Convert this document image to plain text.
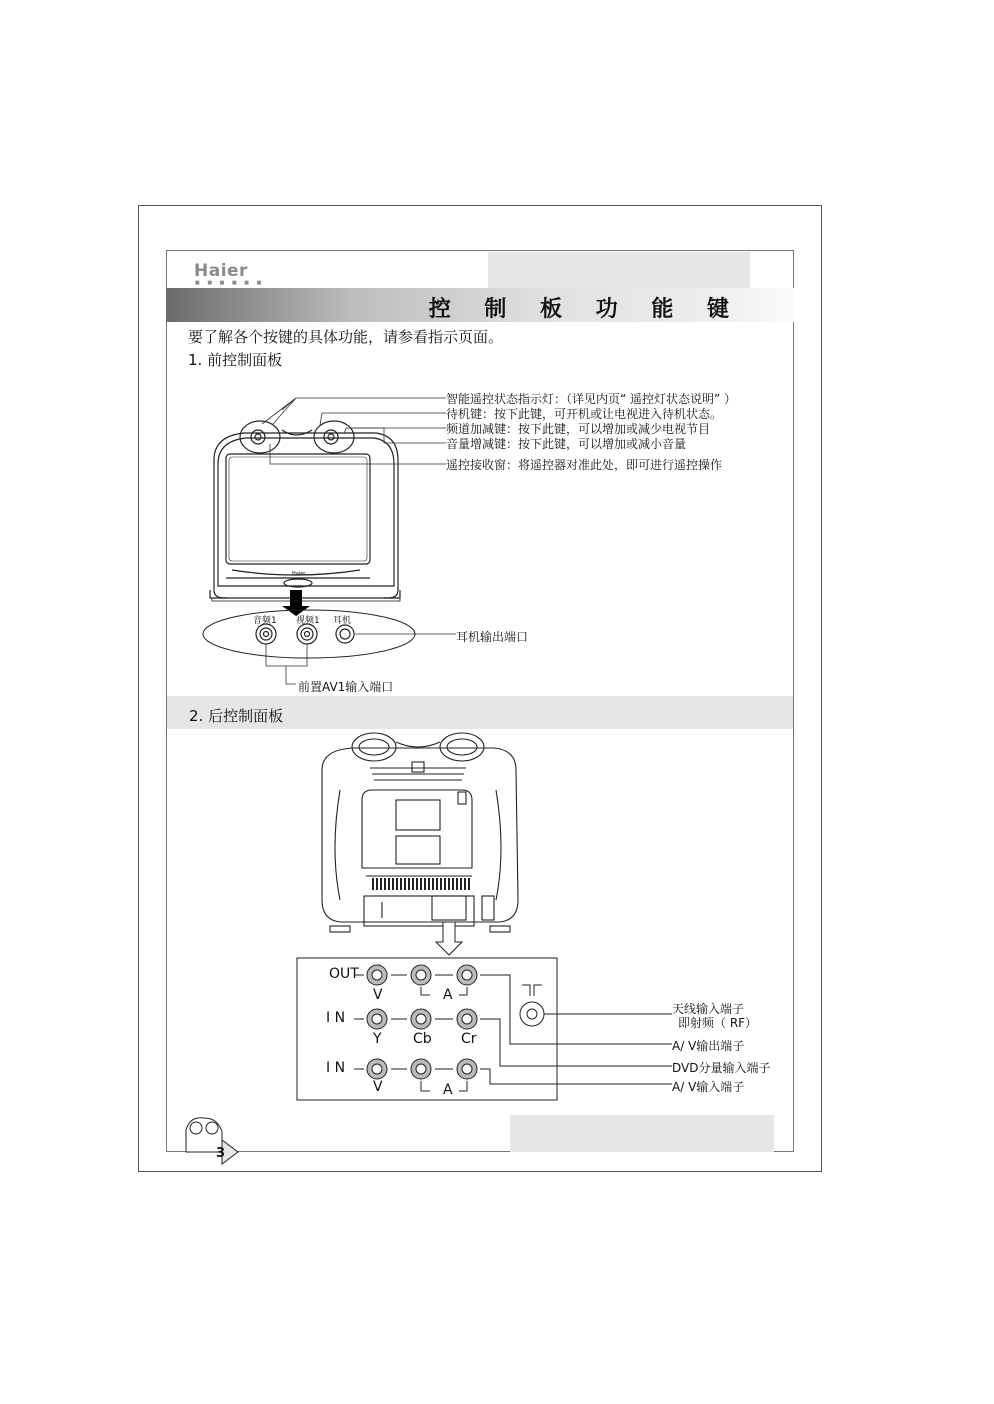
Haier
■ ■ ■ ■ ■ ■
控 制 板 功 能 键
要了解各个按键的具体功能，请参看指示页面。
1. 前控制面板
智能遥控状态指示灯：（详见内页“ 遥控灯状态说明” ）
待机键：按下此键，可开机或让电视进入待机状态。
频道加减键：按下此键，可以增加或减少电视节目
音量增减键：按下此键，可以增加或减小音量
遥控接收窗：将遥控器对准此处，即可进行遥控操作
Haier
音频1 视频1 耳机
耳机输出端口
前置AV1输入端口
2. 后控制面板
OUT
I N
I N
V	A
Y Cb Cr
V	A
天线输入端子
即射频（ RF）
A/ V输出端子
DVD分量输入端子
A/ V输入端子
3
